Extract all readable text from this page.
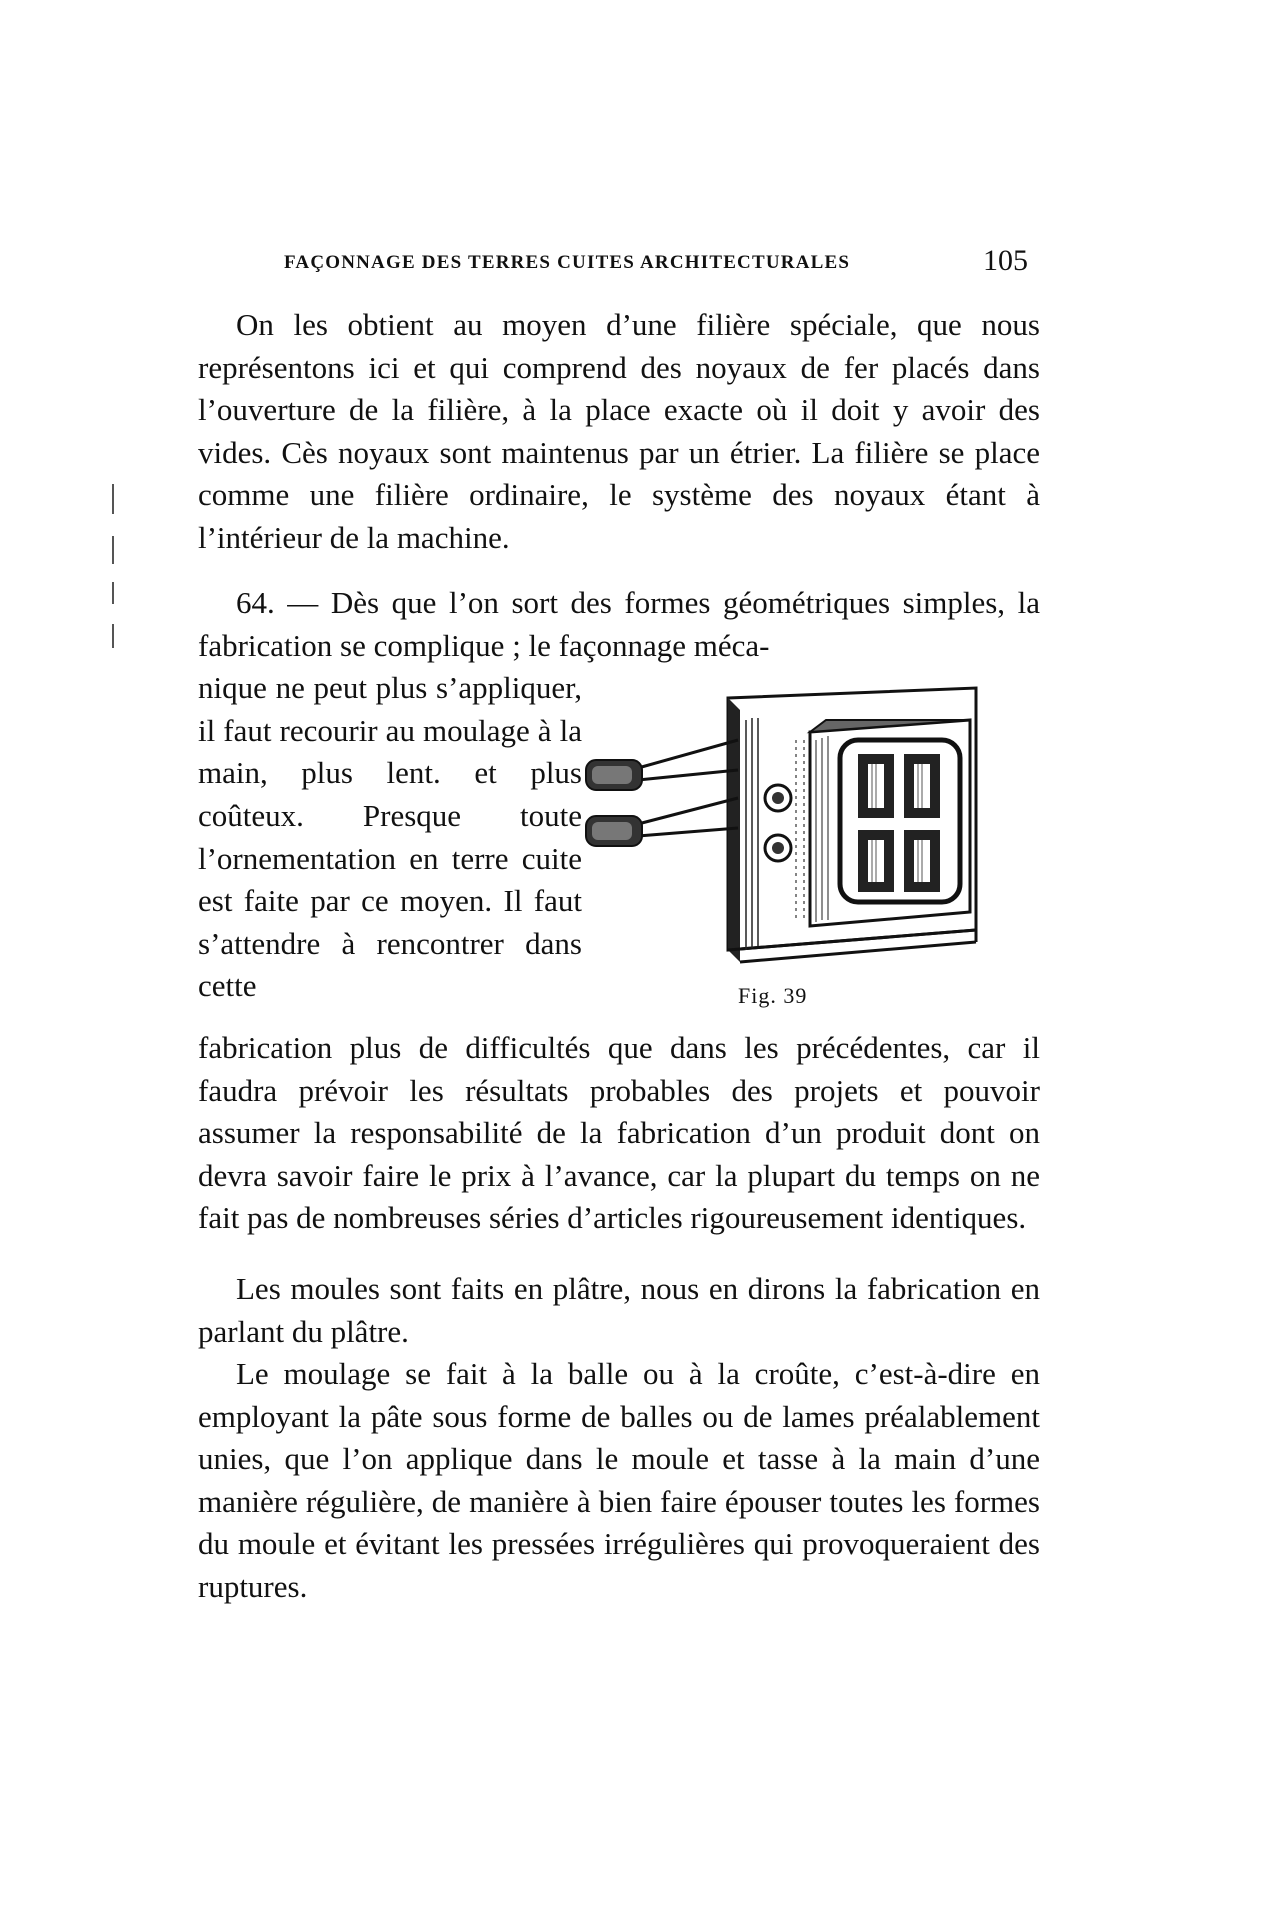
FAÇONNAGE DES TERRES CUITES ARCHITECTURALES	105

On les obtient au moyen d’une filière spéciale, que nous représentons ici et qui comprend des noyaux de fer placés dans l’ouverture de la filière, à la place exacte où il doit y avoir des vides. Cès noyaux sont maintenus par un étrier. La filière se place comme une filière ordinaire, le système des noyaux étant à l’intérieur de la machine.

64. — Dès que l’on sort des formes géométriques simples, la fabrication se complique ; le façonnage méca-

nique ne peut plus s’appliquer, il faut recourir au moulage à la main, plus lent. et plus coûteux. Presque toute l’ornementation en terre cuite est faite par ce moyen. Il faut s’attendre à rencontrer dans cette	Fig. 39

fabrication plus de difficultés que dans les précédentes, car il faudra prévoir les résultats probables des projets et pouvoir assumer la responsabilité de la fabrication d’un produit dont on devra savoir faire le prix à l’avance, car la plupart du temps on ne fait pas de nombreuses séries d’articles rigoureusement identiques.

Les moules sont faits en plâtre, nous en dirons la fabrication en parlant du plâtre.

Le moulage se fait à la balle ou à la croûte, c’est-à-dire en employant la pâte sous forme de balles ou de lames préalablement unies, que l’on applique dans le moule et tasse à la main d’une manière régulière, de manière à bien faire épouser toutes les formes du moule et évitant les pressées irrégulières qui provoqueraient des ruptures.
